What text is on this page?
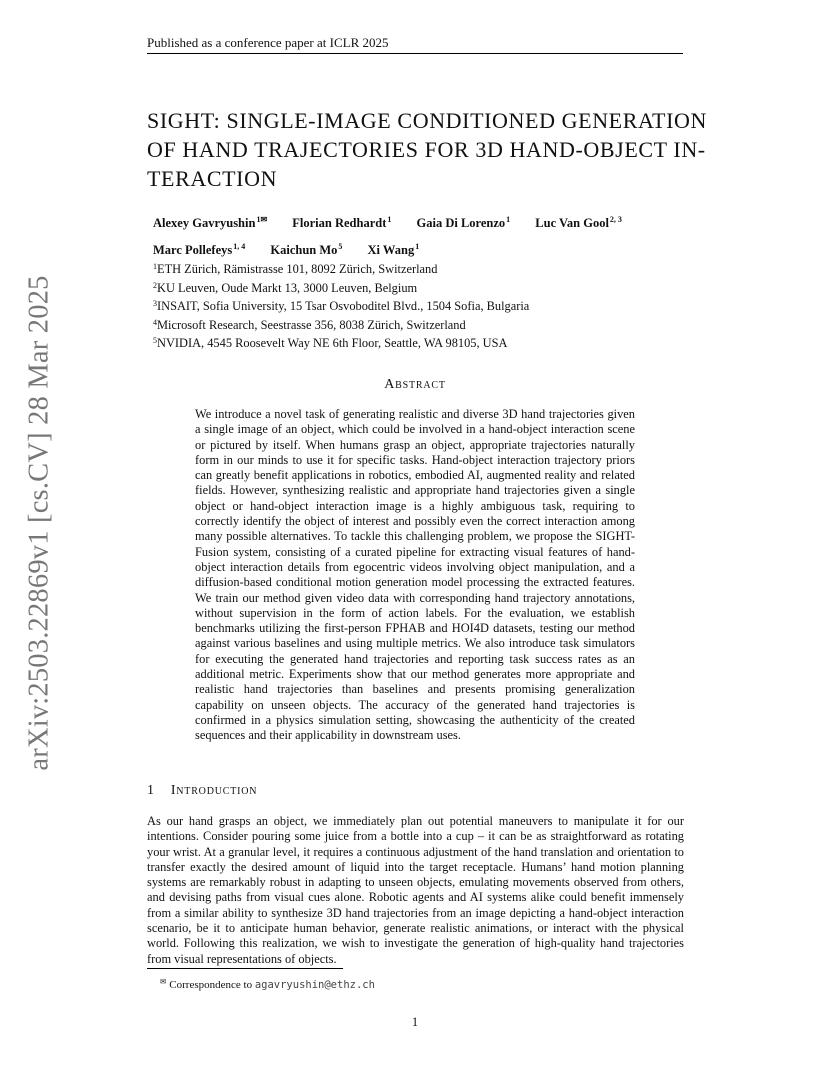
Published as a conference paper at ICLR 2025
arXiv:2503.22869v1 [cs.CV] 28 Mar 2025
SIGHT: SINGLE-IMAGE CONDITIONED GENERATION
OF HAND TRAJECTORIES FOR 3D HAND-OBJECT IN-
TERACTION
Alexey Gavryushin$^{1✉}$ Florian Redhardt$^1$ Gaia Di Lorenzo$^1$ Luc Van Gool$^{2, 3}$
Marc Pollefeys$^{1, 4}$ Kaichun Mo$^5$ Xi Wang$^1$
$^1$ETH Zürich, Rämistrasse 101, 8092 Zürich, Switzerland
$^2$KU Leuven, Oude Markt 13, 3000 Leuven, Belgium
$^3$INSAIT, Sofia University, 15 Tsar Osvoboditel Blvd., 1504 Sofia, Bulgaria
$^4$Microsoft Research, Seestrasse 356, 8038 Zürich, Switzerland
$^5$NVIDIA, 4545 Roosevelt Way NE 6th Floor, Seattle, WA 98105, USA
Abstract
We introduce a novel task of generating realistic and diverse 3D hand trajectories given a single image of an object, which could be involved in a hand-object interaction scene or pictured by itself. When humans grasp an object, appropriate trajectories naturally form in our minds to use it for specific tasks. Hand-object interaction trajectory priors can greatly benefit applications in robotics, embodied AI, augmented reality and related fields. However, synthesizing realistic and appropriate hand trajectories given a single object or hand-object interaction image is a highly ambiguous task, requiring to correctly identify the object of interest and possibly even the correct interaction among many possible alternatives. To tackle this challenging problem, we propose the SIGHT-Fusion system, consisting of a curated pipeline for extracting visual features of hand-object interaction details from egocentric videos involving object manipulation, and a diffusion-based conditional motion generation model processing the extracted features. We train our method given video data with corresponding hand trajectory annotations, without supervision in the form of action labels. For the evaluation, we establish benchmarks utilizing the first-person FPHAB and HOI4D datasets, testing our method against various baselines and using multiple metrics. We also introduce task simulators for executing the generated hand trajectories and reporting task success rates as an additional metric. Experiments show that our method generates more appropriate and realistic hand trajectories than baselines and presents promising generalization capability on unseen objects. The accuracy of the generated hand trajectories is confirmed in a physics simulation setting, showcasing the authenticity of the created sequences and their applicability in downstream uses.
1 Introduction
As our hand grasps an object, we immediately plan out potential maneuvers to manipulate it for our intentions. Consider pouring some juice from a bottle into a cup – it can be as straightforward as rotating your wrist. At a granular level, it requires a continuous adjustment of the hand translation and orientation to transfer exactly the desired amount of liquid into the target receptacle. Humans’ hand motion planning systems are remarkably robust in adapting to unseen objects, emulating movements observed from others, and devising paths from visual cues alone. Robotic agents and AI systems alike could benefit immensely from a similar ability to synthesize 3D hand trajectories from an image depicting a hand-object interaction scenario, be it to anticipate human behavior, generate realistic animations, or interact with the physical world. Following this realization, we wish to investigate the generation of high-quality hand trajectories from visual representations of objects.
✉ Correspondence to agavryushin@ethz.ch
1
